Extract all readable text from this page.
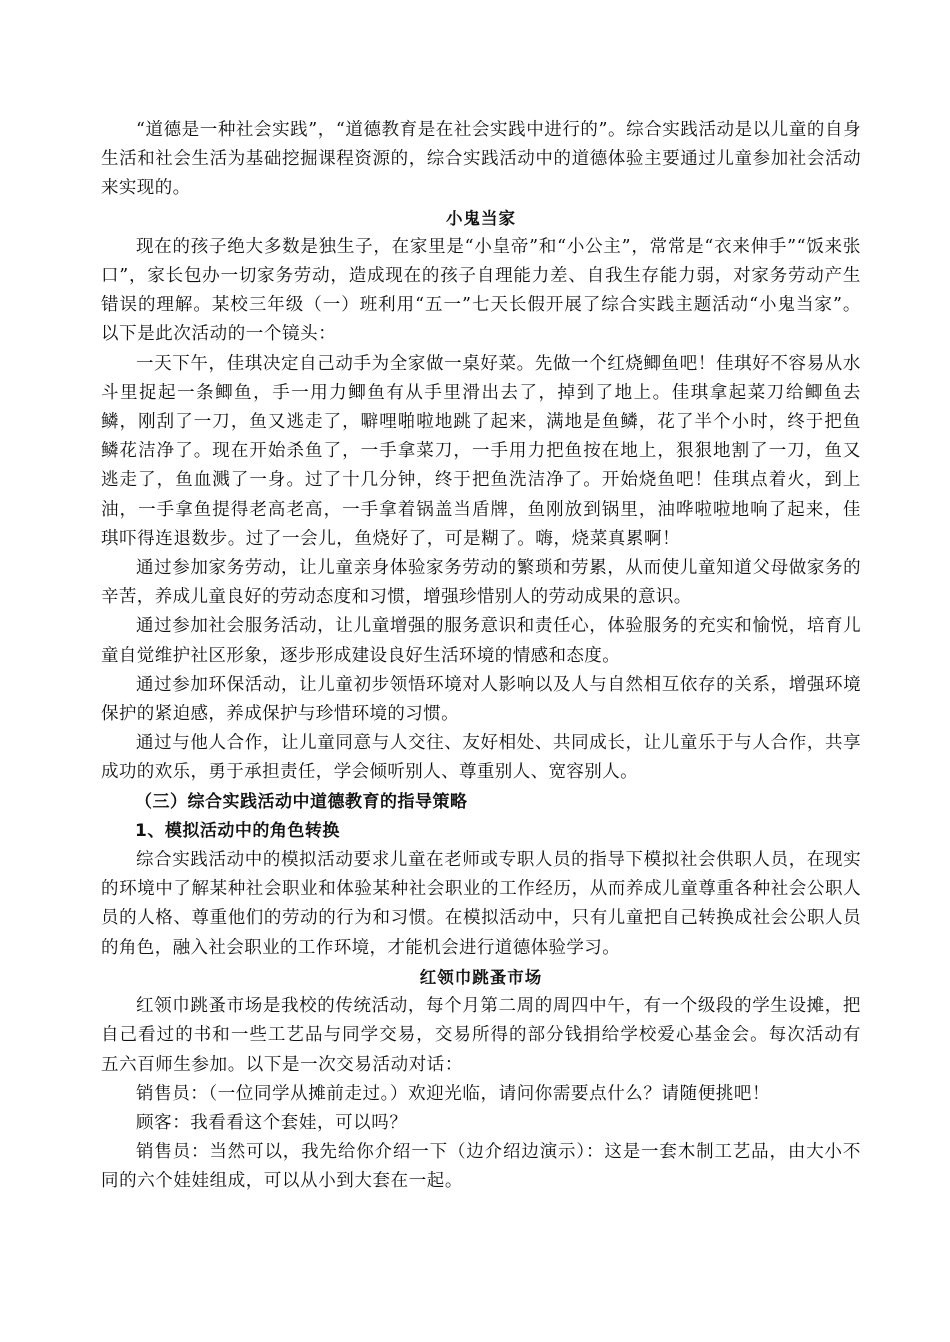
“道德是一种社会实践”，“道德教育是在社会实践中进行的”。综合实践活动是以儿童的自身生活和社会生活为基础挖掘课程资源的，综合实践活动中的道德体验主要通过儿童参加社会活动来实现的。

小鬼当家

现在的孩子绝大多数是独生子，在家里是“小皇帝”和“小公主”，常常是“衣来伸手”“饭来张口”，家长包办一切家务劳动，造成现在的孩子自理能力差、自我生存能力弱，对家务劳动产生错误的理解。某校三年级（一）班利用“五一”七天长假开展了综合实践主题活动“小鬼当家”。以下是此次活动的一个镜头：

一天下午，佳琪决定自己动手为全家做一桌好菜。先做一个红烧鲫鱼吧！佳琪好不容易从水斗里捉起一条鲫鱼，手一用力鲫鱼有从手里滑出去了，掉到了地上。佳琪拿起菜刀给鲫鱼去鳞，刚刮了一刀，鱼又逃走了，噼哩啪啦地跳了起来，满地是鱼鳞，花了半个小时，终于把鱼鳞花洁净了。现在开始杀鱼了，一手拿菜刀，一手用力把鱼按在地上，狠狠地割了一刀，鱼又逃走了，鱼血溅了一身。过了十几分钟，终于把鱼洗洁净了。开始烧鱼吧！佳琪点着火，到上油，一手拿鱼提得老高老高，一手拿着锅盖当盾牌，鱼刚放到锅里，油哗啦啦地响了起来，佳琪吓得连退数步。过了一会儿，鱼烧好了，可是糊了。嗨，烧菜真累啊！

通过参加家务劳动，让儿童亲身体验家务劳动的繁琐和劳累，从而使儿童知道父母做家务的辛苦，养成儿童良好的劳动态度和习惯，增强珍惜别人的劳动成果的意识。

通过参加社会服务活动，让儿童增强的服务意识和责任心，体验服务的充实和愉悦，培育儿童自觉维护社区形象，逐步形成建设良好生活环境的情感和态度。

通过参加环保活动，让儿童初步领悟环境对人影响以及人与自然相互依存的关系，增强环境保护的紧迫感，养成保护与珍惜环境的习惯。

通过与他人合作，让儿童同意与人交往、友好相处、共同成长，让儿童乐于与人合作，共享成功的欢乐，勇于承担责任，学会倾听别人、尊重别人、宽容别人。

（三）综合实践活动中道德教育的指导策略

1、模拟活动中的角色转换

综合实践活动中的模拟活动要求儿童在老师或专职人员的指导下模拟社会供职人员，在现实的环境中了解某种社会职业和体验某种社会职业的工作经历，从而养成儿童尊重各种社会公职人员的人格、尊重他们的劳动的行为和习惯。在模拟活动中，只有儿童把自己转换成社会公职人员的角色，融入社会职业的工作环境，才能机会进行道德体验学习。

红领巾跳蚤市场

红领巾跳蚤市场是我校的传统活动，每个月第二周的周四中午，有一个级段的学生设摊，把自己看过的书和一些工艺品与同学交易，交易所得的部分钱捐给学校爱心基金会。每次活动有五六百师生参加。以下是一次交易活动对话：

销售员：（一位同学从摊前走过。）欢迎光临，请问你需要点什么？请随便挑吧！

顾客：我看看这个套娃，可以吗？

销售员：当然可以，我先给你介绍一下（边介绍边演示）：这是一套木制工艺品，由大小不同的六个娃娃组成，可以从小到大套在一起。
